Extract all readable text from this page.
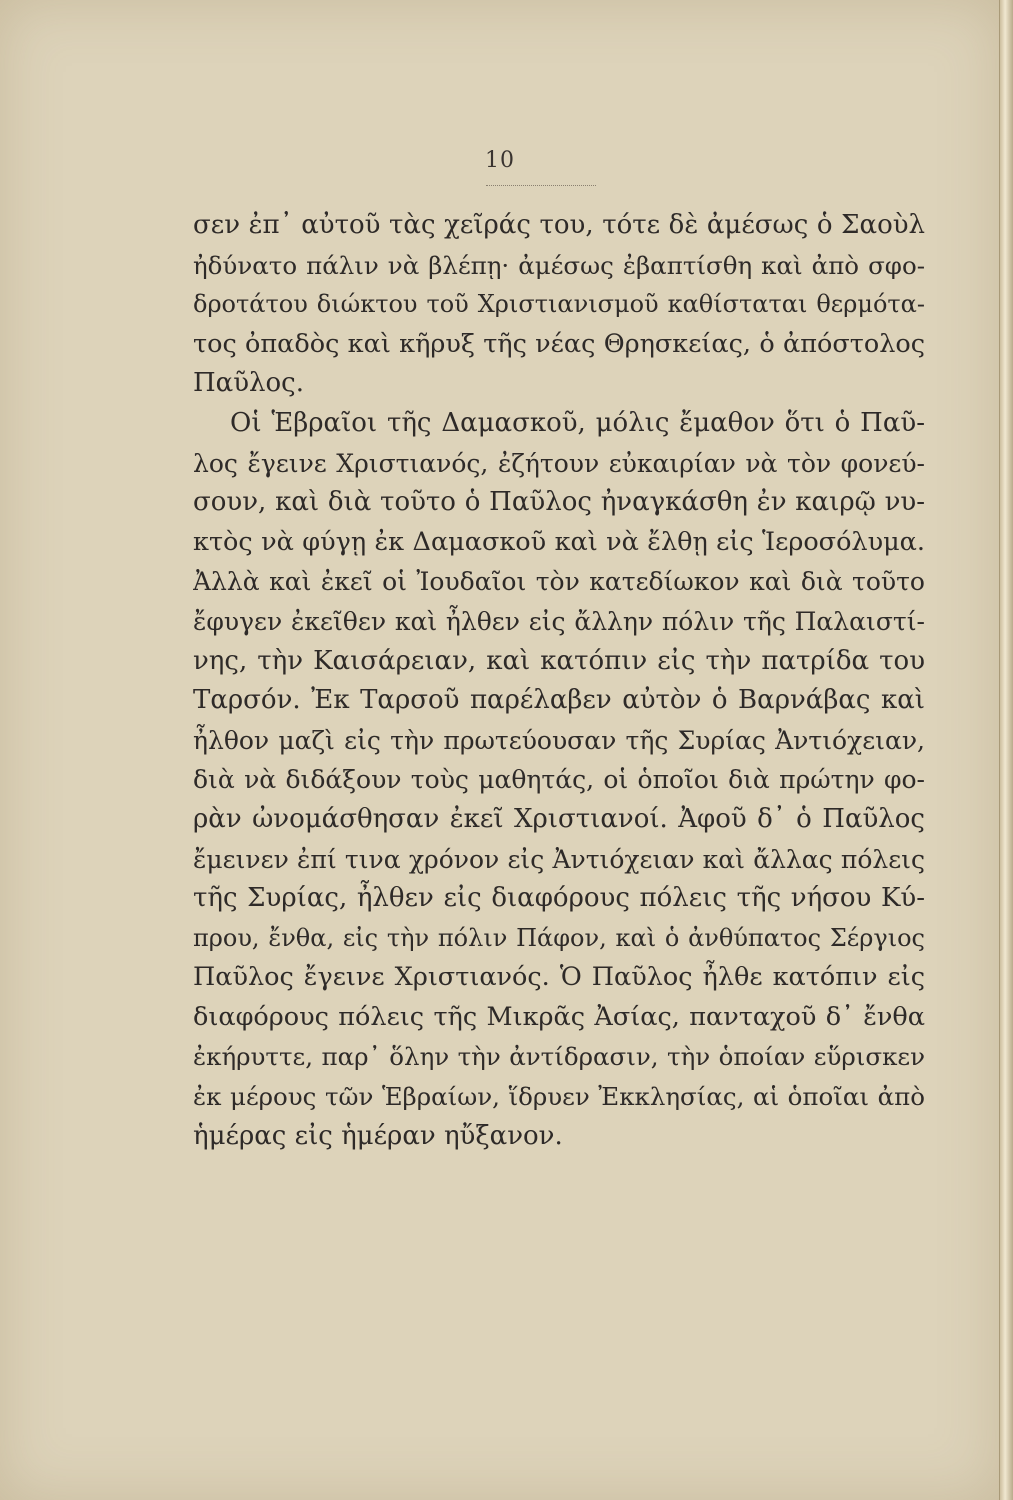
10
σεν ἐπ᾽ αὐτοῦ τὰς χεῖράς του, τότε δὲ ἀμέσως ὁ Σαοὺλ
ἠδύνατο πάλιν νὰ βλέπῃ· ἀμέσως ἐβαπτίσθη καὶ ἀπὸ σφο-
δροτάτου διώκτου τοῦ Χριστιανισμοῦ καθίσταται θερμότα-
τος ὀπαδὸς καὶ κῆρυξ τῆς νέας Θρησκείας, ὁ ἀπόστολος
Παῦλος.
Οἱ Ἑβραῖοι τῆς Δαμασκοῦ, μόλις ἔμαθον ὅτι ὁ Παῦ-
λος ἔγεινε Χριστιανός, ἐζήτουν εὐκαιρίαν νὰ τὸν φονεύ-
σουν, καὶ διὰ τοῦτο ὁ Παῦλος ἠναγκάσθη ἐν καιρῷ νυ-
κτὸς νὰ φύγῃ ἐκ Δαμασκοῦ καὶ νὰ ἔλθῃ εἰς Ἱεροσόλυμα.
Ἀλλὰ καὶ ἐκεῖ οἱ Ἰουδαῖοι τὸν κατεδίωκον καὶ διὰ τοῦτο
ἔφυγεν ἐκεῖθεν καὶ ἦλθεν εἰς ἄλλην πόλιν τῆς Παλαιστί-
νης, τὴν Καισάρειαν, καὶ κατόπιν εἰς τὴν πατρίδα του
Ταρσόν. Ἐκ Ταρσοῦ παρέλαβεν αὐτὸν ὁ Βαρνάβας καὶ
ἦλθον μαζὶ εἰς τὴν πρωτεύουσαν τῆς Συρίας Ἀντιόχειαν,
διὰ νὰ διδάξουν τοὺς μαθητάς, οἱ ὁποῖοι διὰ πρώτην φο-
ρὰν ὠνομάσθησαν ἐκεῖ Χριστιανοί. Ἀφοῦ δ᾽ ὁ Παῦλος
ἔμεινεν ἐπί τινα χρόνον εἰς Ἀντιόχειαν καὶ ἄλλας πόλεις
τῆς Συρίας, ἦλθεν εἰς διαφόρους πόλεις τῆς νήσου Κύ-
πρου, ἔνθα, εἰς τὴν πόλιν Πάφον, καὶ ὁ ἀνθύπατος Σέργιος
Παῦλος ἔγεινε Χριστιανός. Ὁ Παῦλος ἦλθε κατόπιν εἰς
διαφόρους πόλεις τῆς Μικρᾶς Ἀσίας, πανταχοῦ δ᾽ ἔνθα
ἐκήρυττε, παρ᾽ ὅλην τὴν ἀντίδρασιν, τὴν ὁποίαν εὕρισκεν
ἐκ μέρους τῶν Ἑβραίων, ἵδρυεν Ἐκκλησίας, αἱ ὁποῖαι ἀπὸ
ἡμέρας εἰς ἡμέραν ηὔξανον.
